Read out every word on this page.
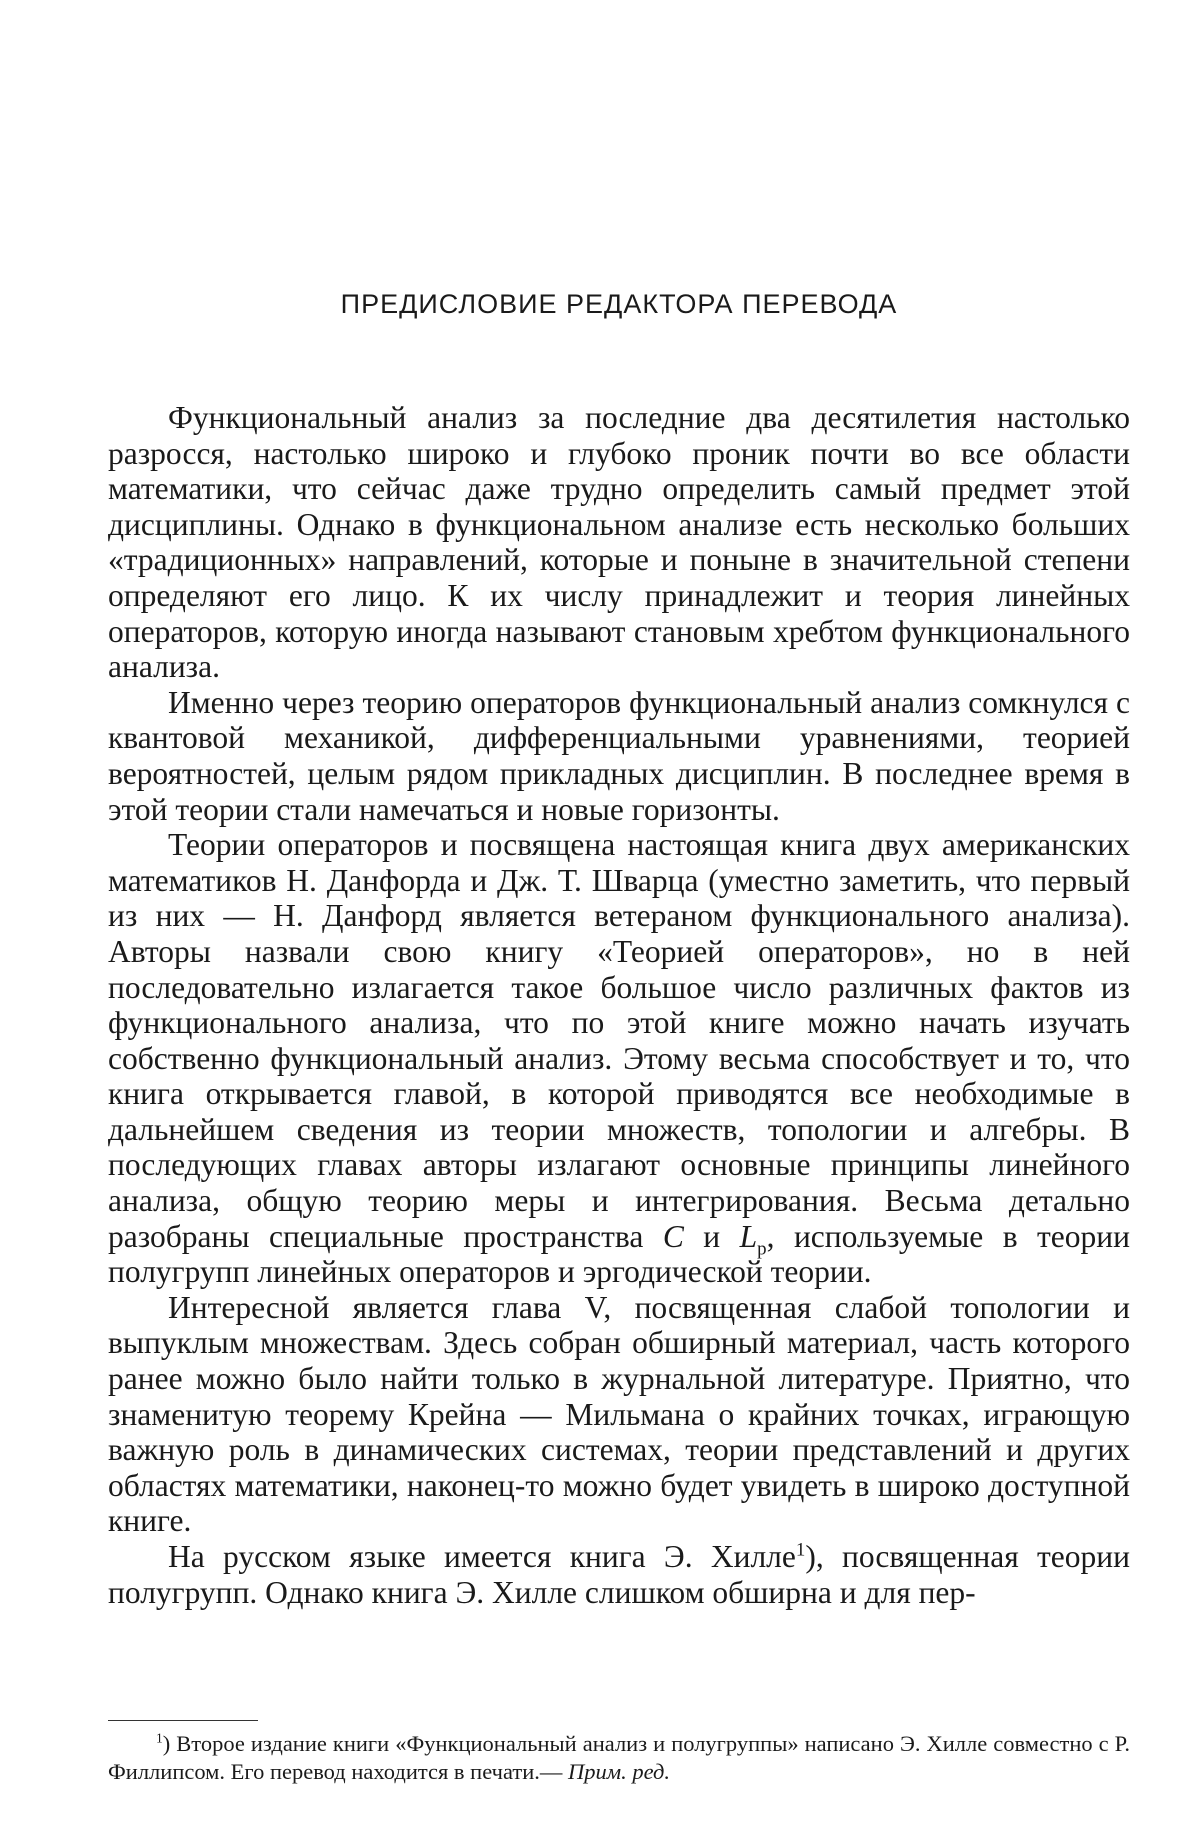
ПРЕДИСЛОВИЕ РЕДАКТОРА ПЕРЕВОДА

Функциональный анализ за последние два десятилетия настолько разросся, настолько широко и глубоко проник почти во все области математики, что сейчас даже трудно определить самый предмет этой дисциплины. Однако в функциональном анализе есть несколько больших «традиционных» направлений, которые и поныне в значительной степени определяют его лицо. К их числу принадлежит и теория линейных операторов, которую иногда называют становым хребтом функционального анализа.

Именно через теорию операторов функциональный анализ сомкнулся с квантовой механикой, дифференциальными уравнениями, теорией вероятностей, целым рядом прикладных дисциплин. В последнее время в этой теории стали намечаться и новые горизонты.

Теории операторов и посвящена настоящая книга двух американских математиков Н. Данфорда и Дж. Т. Шварца (уместно заметить, что первый из них — Н. Данфорд является ветераном функционального анализа). Авторы назвали свою книгу «Теорией операторов», но в ней последовательно излагается такое большое число различных фактов из функционального анализа, что по этой книге можно начать изучать собственно функциональный анализ. Этому весьма способствует и то, что книга открывается главой, в которой приводятся все необходимые в дальнейшем сведения из теории множеств, топологии и алгебры. В последующих главах авторы излагают основные принципы линейного анализа, общую теорию меры и интегрирования. Весьма детально разобраны специальные пространства C и $L_p$, используемые в теории полугрупп линейных операторов и эргодической теории.

Интересной является глава V, посвященная слабой топологии и выпуклым множествам. Здесь собран обширный материал, часть которого ранее можно было найти только в журнальной литературе. Приятно, что знаменитую теорему Крейна — Мильмана о крайних точках, играющую важную роль в динамических системах, теории представлений и других областях математики, наконец-то можно будет увидеть в широко доступной книге.

На русском языке имеется книга Э. Хилле$^1$), посвященная теории полугрупп. Однако книга Э. Хилле слишком обширна и для пер-

$^1$) Второе издание книги «Функциональный анализ и полугруппы» написано Э. Хилле совместно с Р. Филлипсом. Его перевод находится в печати.— Прим. ред.
